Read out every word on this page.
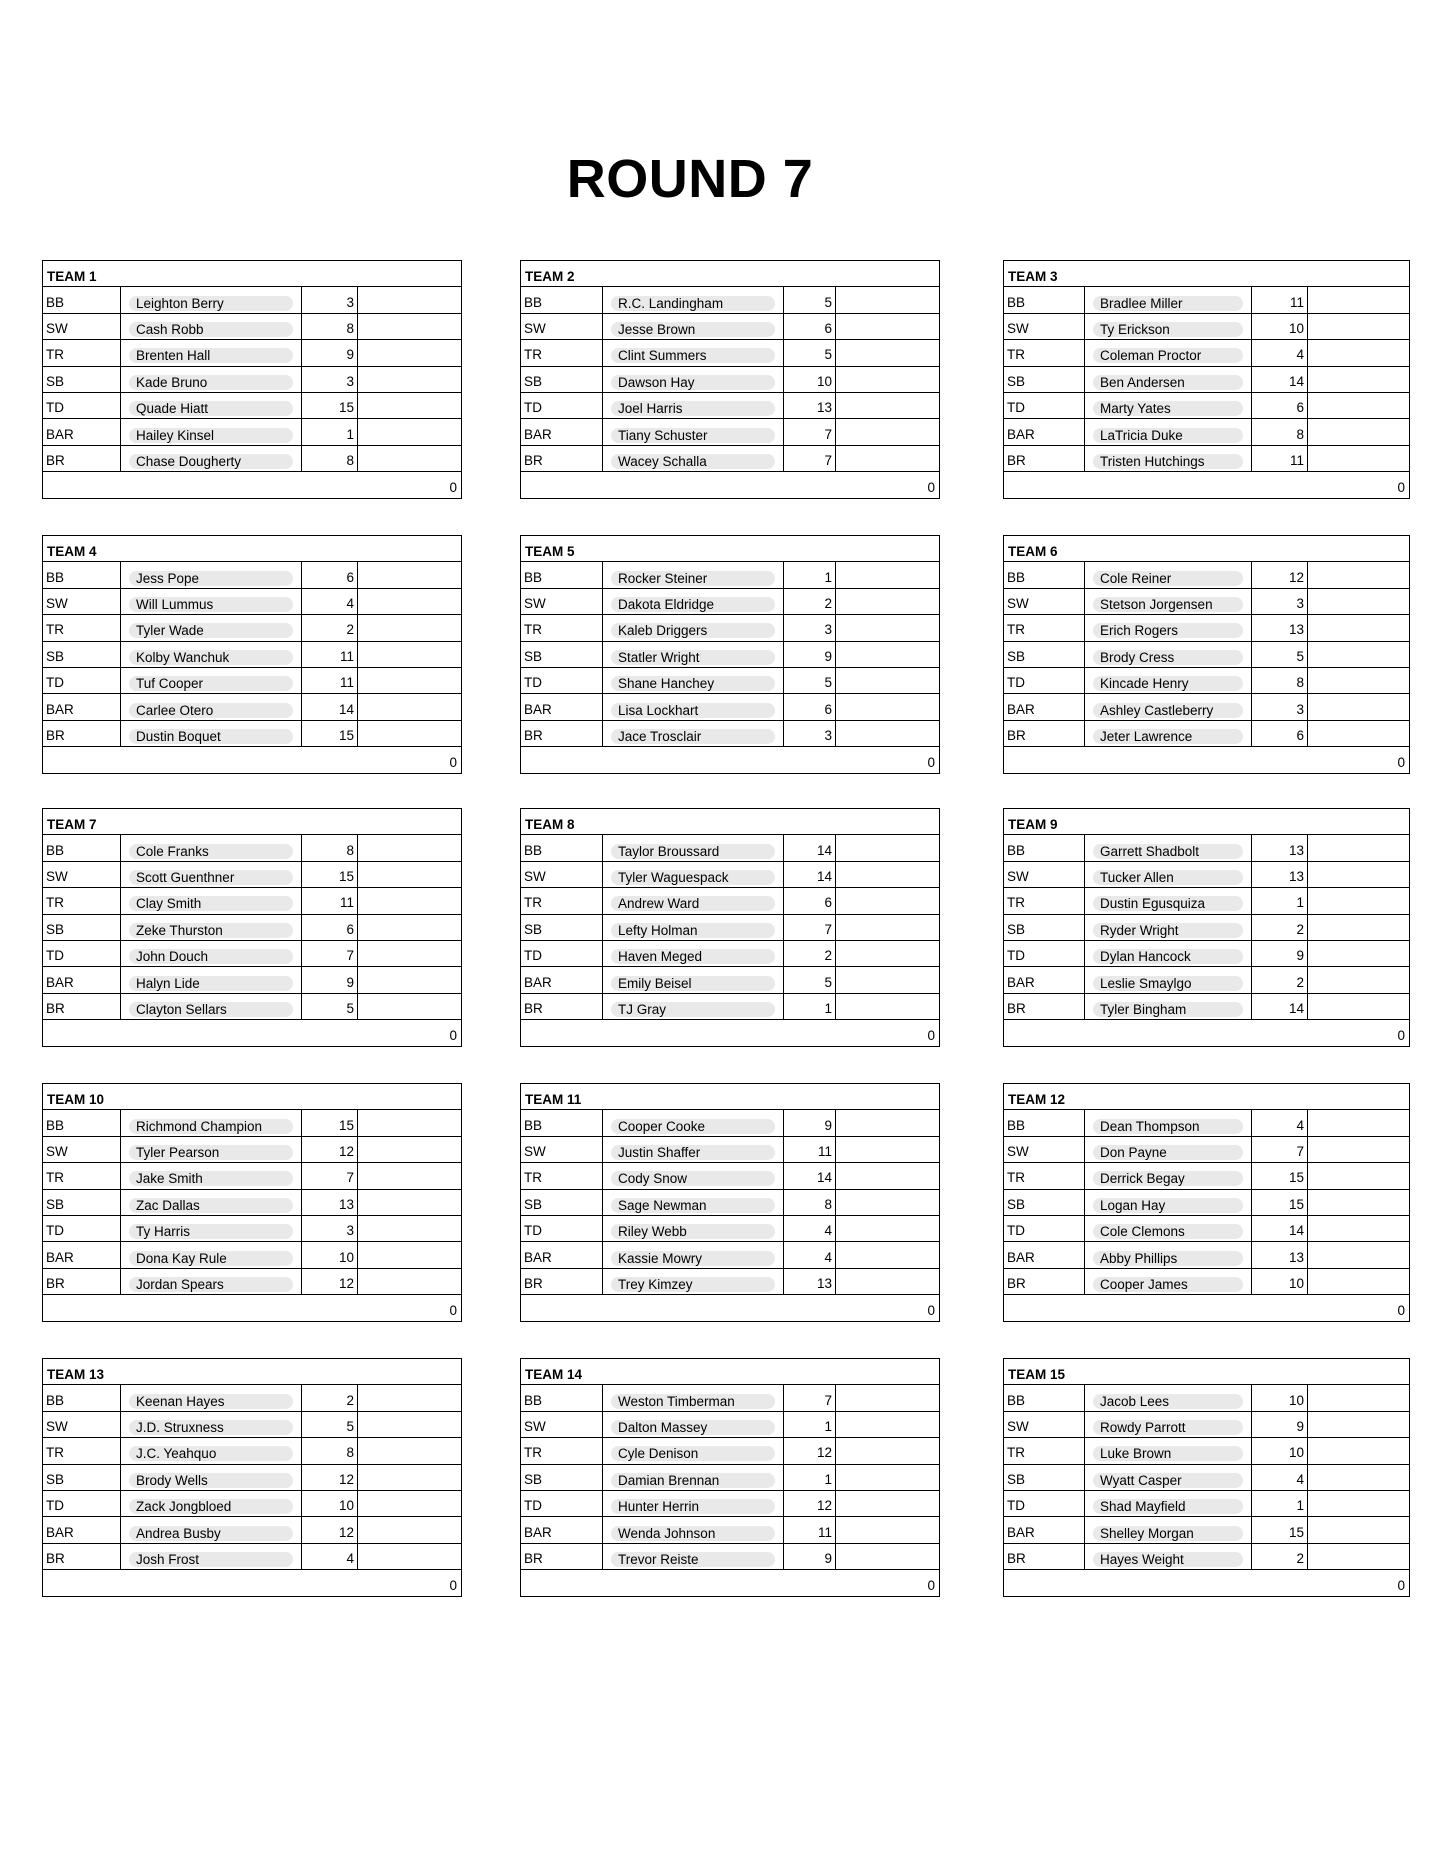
ROUND 7
TEAM 1			
BB	Leighton Berry	3	
SW	Cash Robb	8	
TR	Brenten Hall	9	
SB	Kade Bruno	3	
TD	Quade Hiatt	15	
BAR	Hailey Kinsel	1	
BR	Chase Dougherty	8	
0			
TEAM 2			
BB	R.C. Landingham	5	
SW	Jesse Brown	6	
TR	Clint Summers	5	
SB	Dawson Hay	10	
TD	Joel Harris	13	
BAR	Tiany Schuster	7	
BR	Wacey Schalla	7	
0			
TEAM 3			
BB	Bradlee Miller	11	
SW	Ty Erickson	10	
TR	Coleman Proctor	4	
SB	Ben Andersen	14	
TD	Marty Yates	6	
BAR	LaTricia Duke	8	
BR	Tristen Hutchings	11	
0			
TEAM 4			
BB	Jess Pope	6	
SW	Will Lummus	4	
TR	Tyler Wade	2	
SB	Kolby Wanchuk	11	
TD	Tuf Cooper	11	
BAR	Carlee Otero	14	
BR	Dustin Boquet	15	
0			
TEAM 5			
BB	Rocker Steiner	1	
SW	Dakota Eldridge	2	
TR	Kaleb Driggers	3	
SB	Statler Wright	9	
TD	Shane Hanchey	5	
BAR	Lisa Lockhart	6	
BR	Jace Trosclair	3	
0			
TEAM 6			
BB	Cole Reiner	12	
SW	Stetson Jorgensen	3	
TR	Erich Rogers	13	
SB	Brody Cress	5	
TD	Kincade Henry	8	
BAR	Ashley Castleberry	3	
BR	Jeter Lawrence	6	
0			
TEAM 7			
BB	Cole Franks	8	
SW	Scott Guenthner	15	
TR	Clay Smith	11	
SB	Zeke Thurston	6	
TD	John Douch	7	
BAR	Halyn Lide	9	
BR	Clayton Sellars	5	
0			
TEAM 8			
BB	Taylor Broussard	14	
SW	Tyler Waguespack	14	
TR	Andrew Ward	6	
SB	Lefty Holman	7	
TD	Haven Meged	2	
BAR	Emily Beisel	5	
BR	TJ Gray	1	
0			
TEAM 9			
BB	Garrett Shadbolt	13	
SW	Tucker Allen	13	
TR	Dustin Egusquiza	1	
SB	Ryder Wright	2	
TD	Dylan Hancock	9	
BAR	Leslie Smaylgo	2	
BR	Tyler Bingham	14	
0			
TEAM 10			
BB	Richmond Champion	15	
SW	Tyler Pearson	12	
TR	Jake Smith	7	
SB	Zac Dallas	13	
TD	Ty Harris	3	
BAR	Dona Kay Rule	10	
BR	Jordan Spears	12	
0			
TEAM 11			
BB	Cooper Cooke	9	
SW	Justin Shaffer	11	
TR	Cody Snow	14	
SB	Sage Newman	8	
TD	Riley Webb	4	
BAR	Kassie Mowry	4	
BR	Trey Kimzey	13	
0			
TEAM 12			
BB	Dean Thompson	4	
SW	Don Payne	7	
TR	Derrick Begay	15	
SB	Logan Hay	15	
TD	Cole Clemons	14	
BAR	Abby Phillips	13	
BR	Cooper James	10	
0			
TEAM 13			
BB	Keenan Hayes	2	
SW	J.D. Struxness	5	
TR	J.C. Yeahquo	8	
SB	Brody Wells	12	
TD	Zack Jongbloed	10	
BAR	Andrea Busby	12	
BR	Josh Frost	4	
0			
TEAM 14			
BB	Weston Timberman	7	
SW	Dalton Massey	1	
TR	Cyle Denison	12	
SB	Damian Brennan	1	
TD	Hunter Herrin	12	
BAR	Wenda Johnson	11	
BR	Trevor Reiste	9	
0			
TEAM 15			
BB	Jacob Lees	10	
SW	Rowdy Parrott	9	
TR	Luke Brown	10	
SB	Wyatt Casper	4	
TD	Shad Mayfield	1	
BAR	Shelley Morgan	15	
BR	Hayes Weight	2	
0			
